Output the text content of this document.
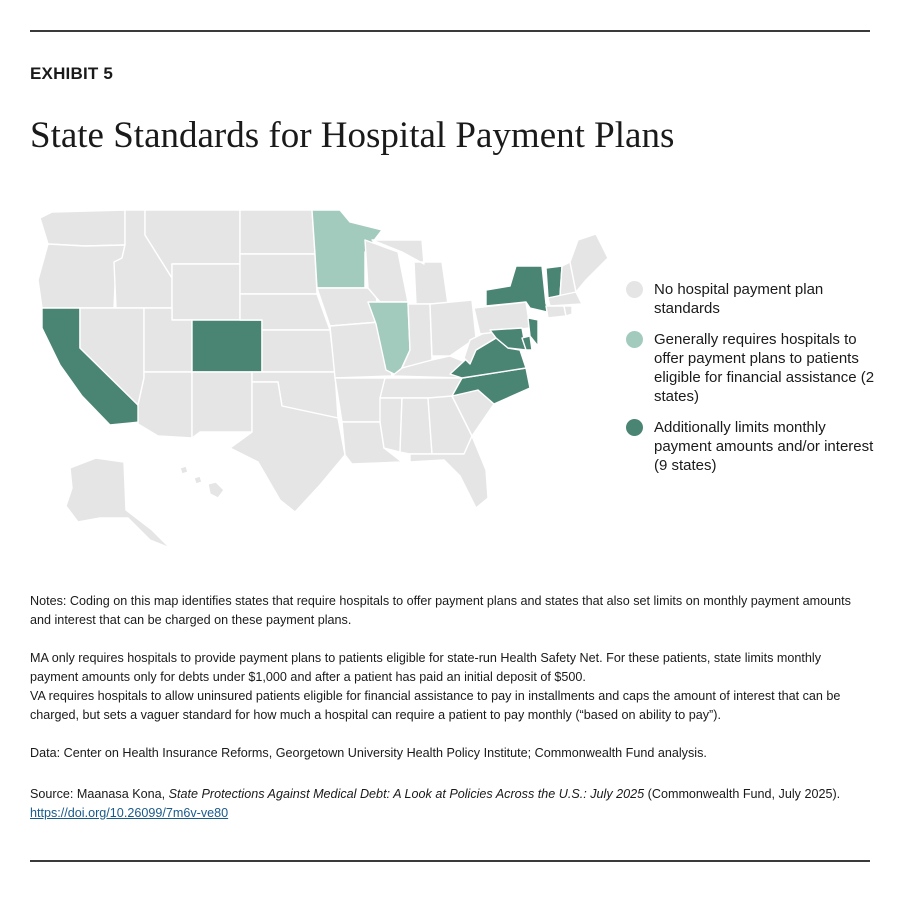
EXHIBIT 5
State Standards for Hospital Payment Plans
No hospital payment plan standards
Generally requires hospitals to offer payment plans to patients eligible for financial assistance (2 states)
Additionally limits monthly payment amounts and/or interest (9 states)

Notes: Coding on this map identifies states that require hospitals to offer payment plans and states that also set limits on monthly payment amounts and interest that can be charged on these payment plans.

MA only requires hospitals to provide payment plans to patients eligible for state-run Health Safety Net. For these patients, state limits monthly payment amounts only for debts under $1,000 and after a patient has paid an initial deposit of $500.

VA requires hospitals to allow uninsured patients eligible for financial assistance to pay in installments and caps the amount of interest that can be charged, but sets a vaguer standard for how much a hospital can require a patient to pay monthly (“based on ability to pay”).

Data: Center on Health Insurance Reforms, Georgetown University Health Policy Institute; Commonwealth Fund analysis.

Source: Maanasa Kona, State Protections Against Medical Debt: A Look at Policies Across the U.S.: July 2025 (Commonwealth Fund, July 2025). https://doi.org/10.26099/7m6v-ve80
